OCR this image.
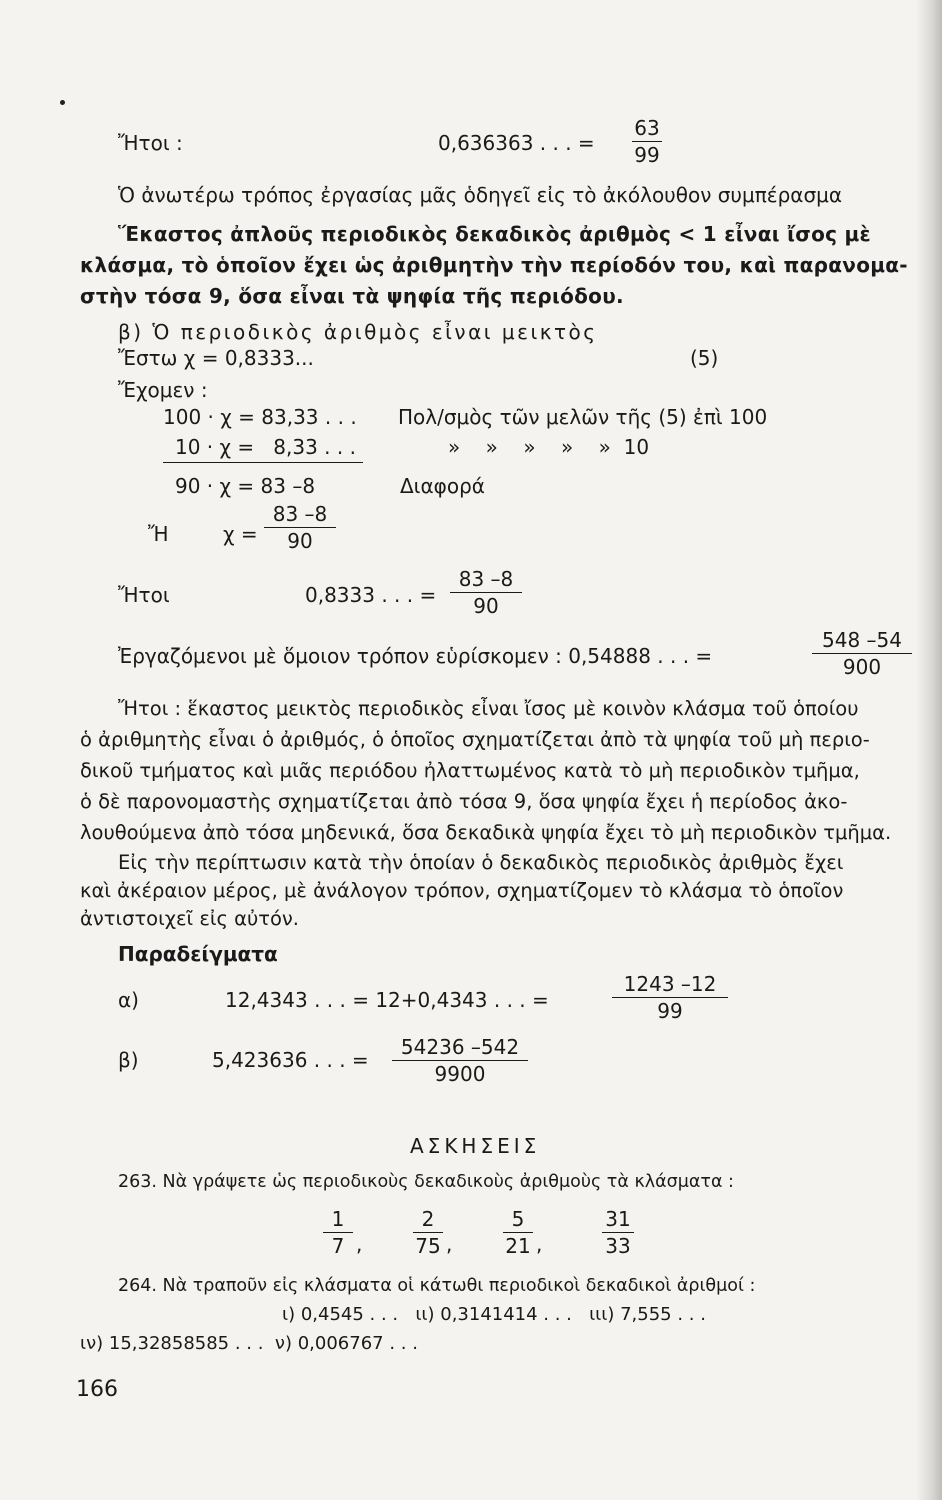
Ἤτοι :	0,636363 . . . = $\frac{63}{99}$
Ὁ ἀνωτέρω τρόπος ἐργασίας μᾶς ὁδηγεῖ εἰς τὸ ἀκόλουθον συμπέρασμα
Ἕκαστος ἀπλοῦς περιοδικὸς δεκαδικὸς ἀριθμὸς < 1 εἶναι ἴσος μὲ
κλάσμα, τὸ ὁποῖον ἔχει ὡς ἀριθμητὴν τὴν περίοδόν του, καὶ παρανομα-
στὴν τόσα 9, ὅσα εἶναι τὰ ψηφία τῆς περιόδου.
β) Ὁ περιοδικὸς ἀριθμὸς εἶναι μεικτὸς
Ἔστω χ = 0,8333...	(5)
Ἔχομεν :
100 · χ = 83,33 . . . Πολ/σμὸς τῶν μελῶν τῆς (5) ἐπὶ 100
10 · χ =   8,33 . . .	»    »    »    »    »  10
90 · χ = 83 –8	Διαφορά
Ἤ	$\chi = \frac{83 -8}{90}$
Ἤτοι	0,8333 . . . = $\frac{83 -8}{90}$
Ἐργαζόμενοι μὲ ὅμοιον τρόπον εὑρίσκομεν : 0,54888 . . . =	$\frac{548 -54}{900}$
Ἤτοι : ἕκαστος μεικτὸς περιοδικὸς εἶναι ἴσος μὲ κοινὸν κλάσμα τοῦ ὁποίου
ὁ ἀριθμητὴς εἶναι ὁ ἀριθμός, ὁ ὁποῖος σχηματίζεται ἀπὸ τὰ ψηφία τοῦ μὴ περιο-
δικοῦ τμήματος καὶ μιᾶς περιόδου ἠλαττωμένος κατὰ τὸ μὴ περιοδικὸν τμῆμα,
ὁ δὲ παρονομαστὴς σχηματίζεται ἀπὸ τόσα 9, ὅσα ψηφία ἔχει ἡ περίοδος ἀκο-
λουθούμενα ἀπὸ τόσα μηδενικά, ὅσα δεκαδικὰ ψηφία ἔχει τὸ μὴ περιοδικὸν τμῆμα.
Εἰς τὴν περίπτωσιν κατὰ τὴν ὁποίαν ὁ δεκαδικὸς περιοδικὸς ἀριθμὸς ἔχει
καὶ ἀκέραιον μέρος, μὲ ἀνάλογον τρόπον, σχηματίζομεν τὸ κλάσμα τὸ ὁποῖον
ἀντιστοιχεῖ εἰς αὐτόν.
Παραδείγματα
α)	12,4343 . . . = 12+0,4343 . . . =	$\frac{1243 -12}{99}$
β)	5,423636 . . . = $\frac{54236 -542}{9900}$
ΑΣΚΗΣΕΙΣ
263. Νὰ γράψετε ὡς περιοδικοὺς δεκαδικοὺς ἀριθμοὺς τὰ κλάσματα :
$\frac{1}{7}$ ,	$\frac{2}{75}$ ,	$\frac{5}{21}$ ,	$\frac{31}{33}$
264. Νὰ τραποῦν εἰς κλάσματα οἱ κάτωθι περιοδικοὶ δεκαδικοὶ ἀριθμοί :
ι) 0,4545 . . .   ιι) 0,3141414 . . .   ιιι) 7,555 . . .
ιν) 15,32858585 . . .  ν) 0,006767 . . .
166
